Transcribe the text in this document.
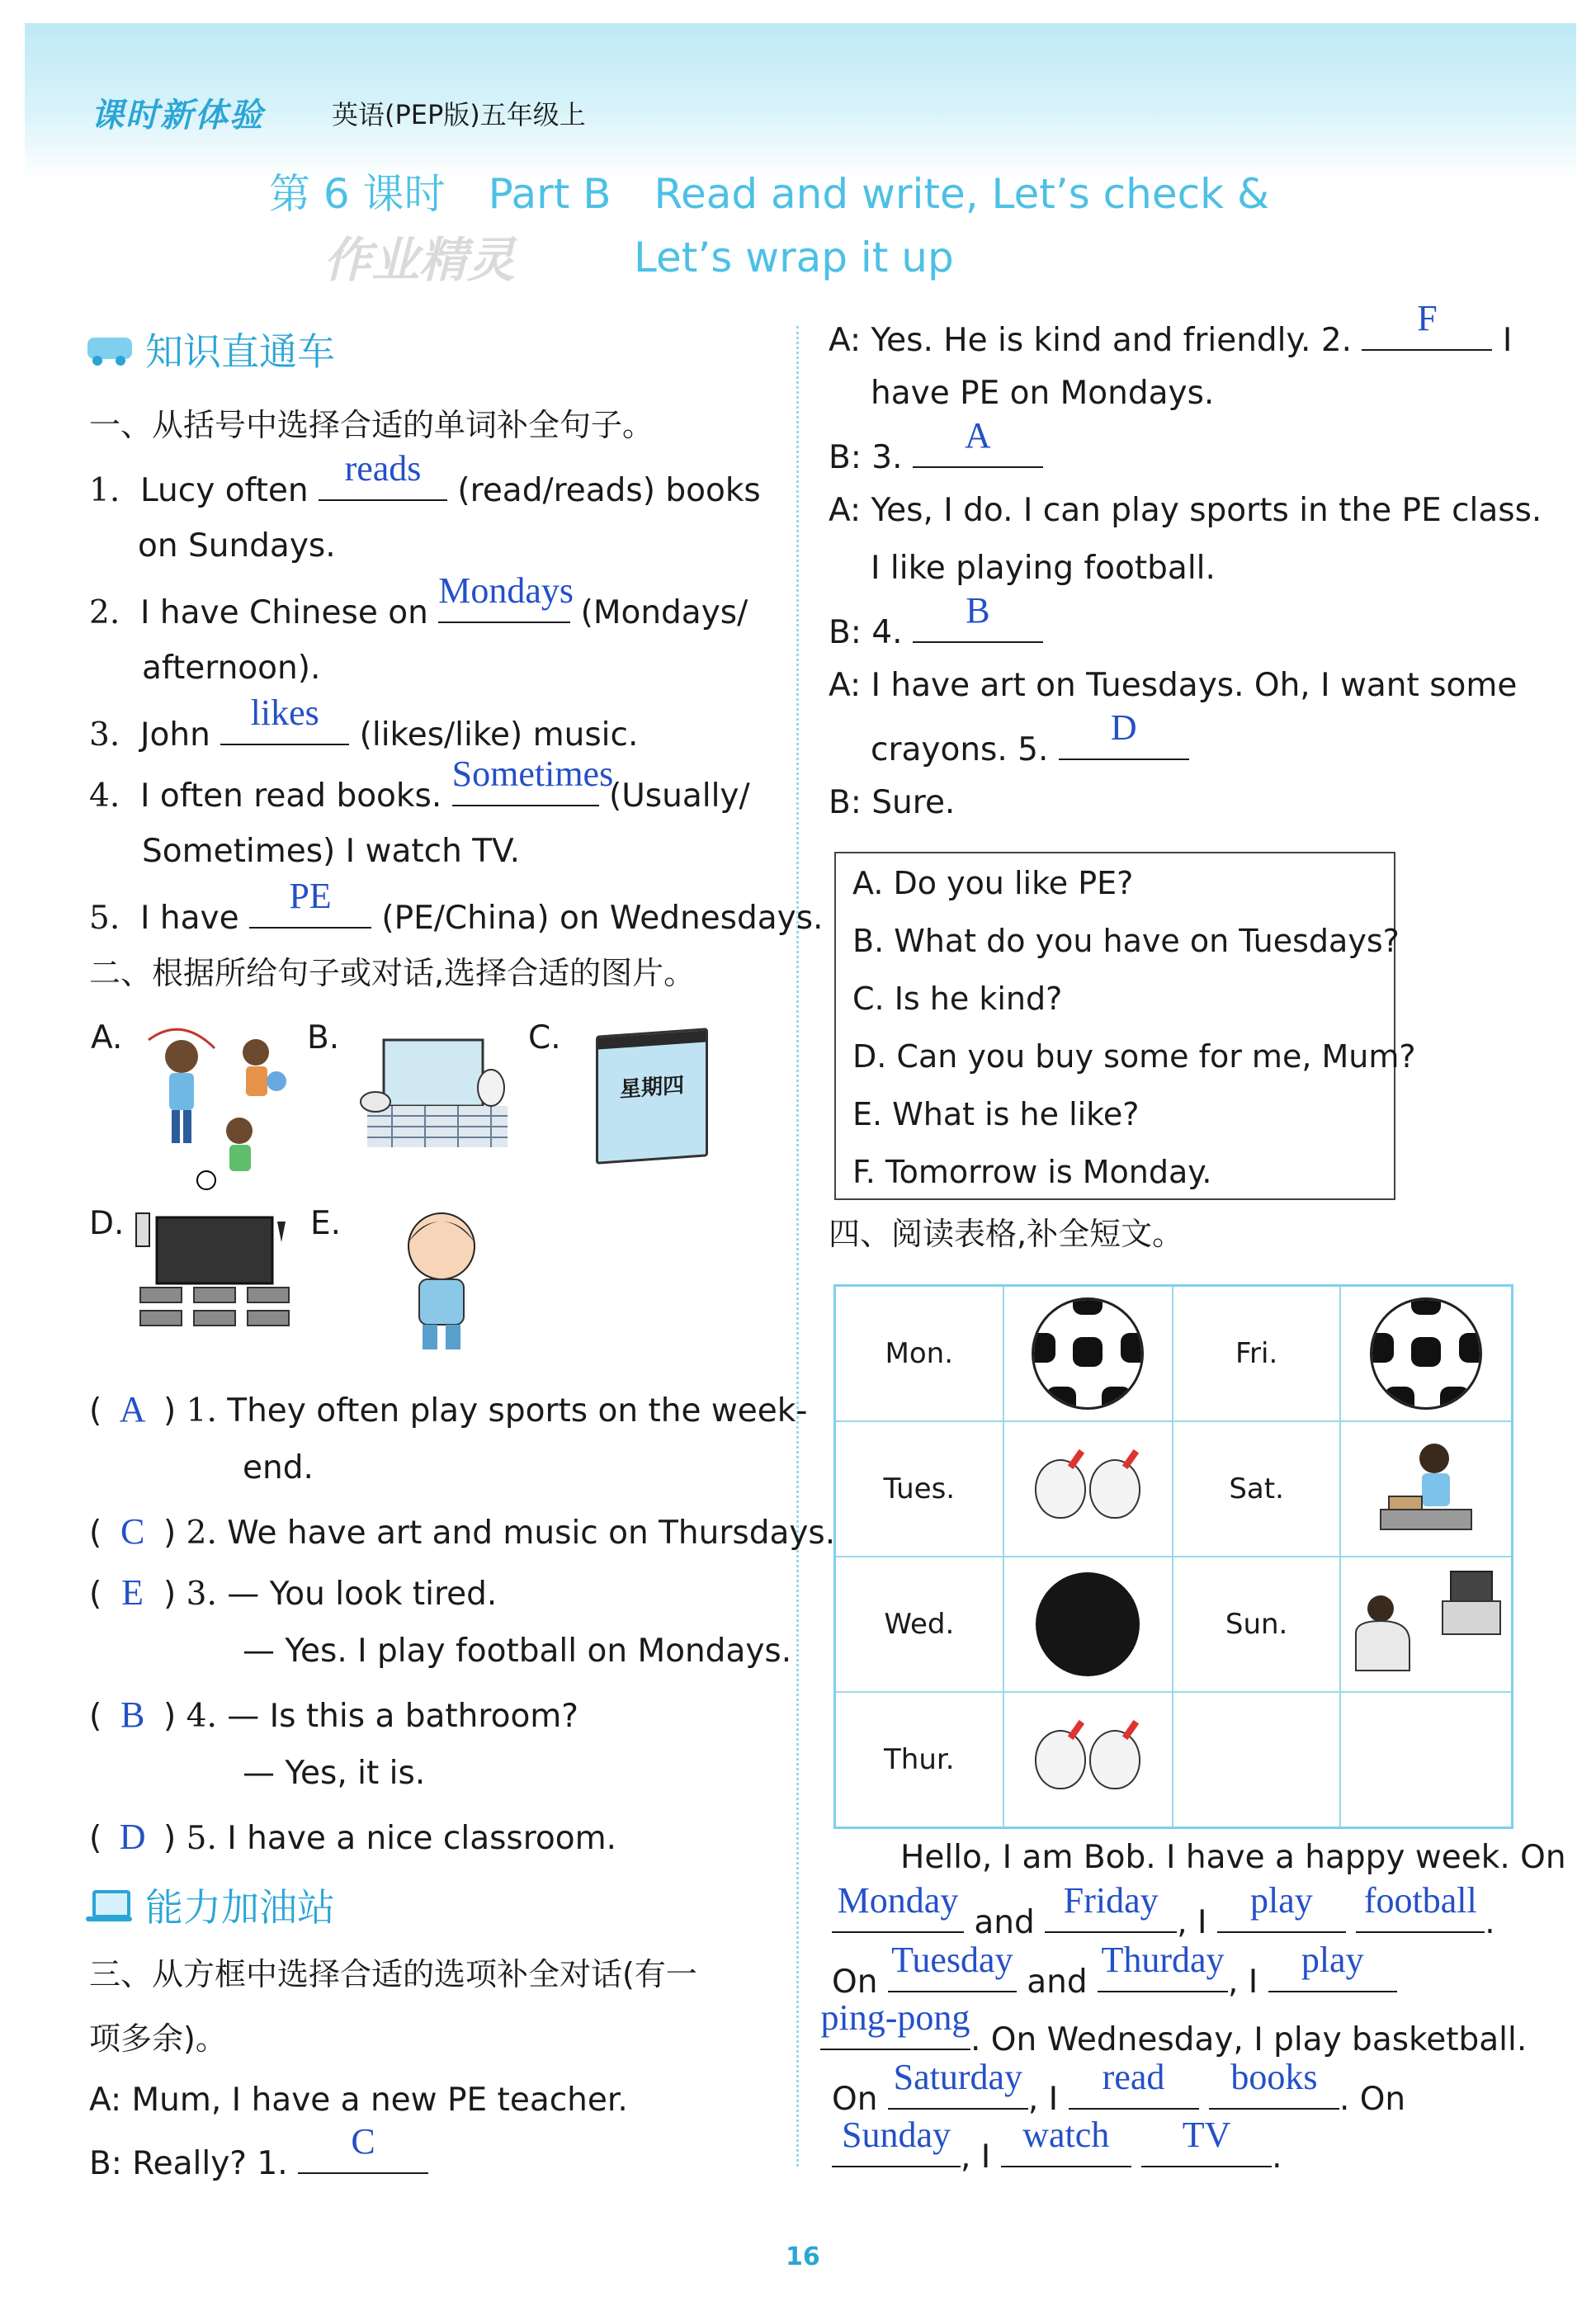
课时新体验	英语(PEP版)五年级上
第 6 课时 Part B Read and write, Let’s check &
Let’s wrap it up
作业精灵
知识直通车
一、从括号中选择合适的单词补全句子。
1. Lucy often
reads
(read/reads) books
on Sundays.
2. I have Chinese on
Mondays
(Mondays/
afternoon).
3. John
likes
(likes/like) music.
4. I often read books.
Sometimes
(Usually/
Sometimes) I watch TV.
5. I have
PE
(PE/China) on Wednesdays.
二、根据所给句子或对话,选择合适的图片。
A.	B.	C.
星期四
D.	E.
( A ) 1. They often play sports on the week-
end.
( C ) 2. We have art and music on Thursdays.
( E ) 3. — You look tired.
— Yes. I play football on Mondays.
( B ) 4. — Is this a bathroom?
— Yes, it is.
( D ) 5. I have a nice classroom.
能力加油站
三、从方框中选择合适的选项补全对话(有一
项多余)。
A: Mum, I have a new PE teacher.
B: Really? 1.
C
A: Yes. He is kind and friendly. 2.
F
I
have PE on Mondays.
B: 3.
A
A: Yes, I do. I can play sports in the PE class.
I like playing football.
B: 4.
B
A: I have art on Tuesdays. Oh, I want some
crayons. 5.
D
B: Sure.
A. Do you like PE?
B. What do you have on Tuesdays?
C. Is he kind?
D. Can you buy some for me, Mum?
E. What is he like?
F. Tomorrow is Monday.
四、阅读表格,补全短文。
Mon.		Fri.	

Tues.		Sat.	
Wed.		Sun.	
Thur.	

Hello, I am Bob. I have a happy week. On
Monday
and
Friday
, I
play
	football
.
On
Tuesday
and
Thurday
, I
play
ping-pong
. On Wednesday, I play basketball.
On
Saturday
, I
read
	books
. On
Sunday
, I
watch
	TV
.
16
